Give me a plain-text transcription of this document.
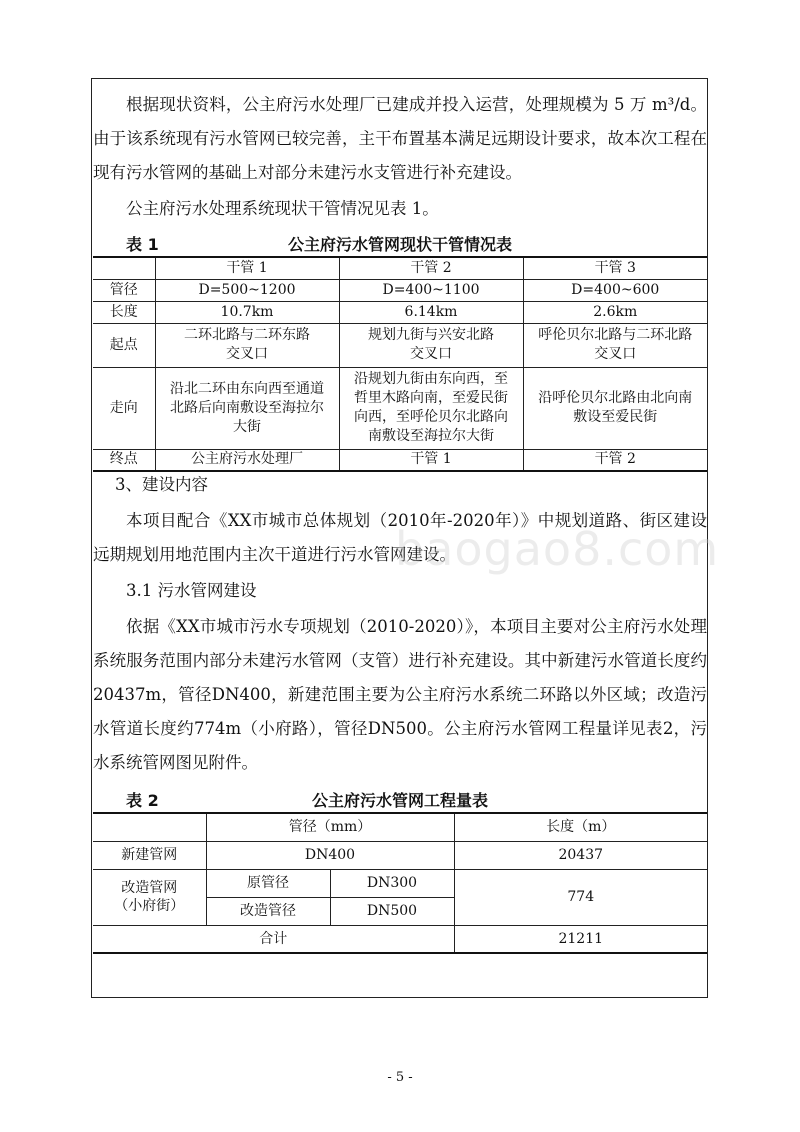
根据现状资料，公主府污水处理厂已建成并投入运营，处理规模为 5 万 m³/d。由于该系统现有污水管网已较完善，主干布置基本满足远期设计要求，故本次工程在现有污水管网的基础上对部分未建污水支管进行补充建设。

公主府污水处理系统现状干管情况见表 1。

表 1	公主府污水管网现状干管情况表
	干管 1	干管 2	干管 3
管径	D=500~1200	D=400~1100	D=400~600
长度	10.7km	6.14km	2.6km
起点	二环北路与二环东路交叉口	规划九街与兴安北路交叉口	呼伦贝尔北路与二环北路交叉口
走向	沿北二环由东向西至通道北路后向南敷设至海拉尔大街	沿规划九街由东向西，至哲里木路向南，至爱民街向西，至呼伦贝尔北路向南敷设至海拉尔大街	沿呼伦贝尔北路由北向南敷设至爱民街
终点	公主府污水处理厂	干管 1	干管 2

3、建设内容

本项目配合《XX市城市总体规划（2010年-2020年）》中规划道路、街区建设远期规划用地范围内主次干道进行污水管网建设。

3.1 污水管网建设

依据《XX市城市污水专项规划（2010-2020）》，本项目主要对公主府污水处理系统服务范围内部分未建污水管网（支管）进行补充建设。其中新建污水管道长度约20437m，管径DN400，新建范围主要为公主府污水系统二环路以外区域；改造污水管道长度约774m（小府路），管径DN500。公主府污水管网工程量详见表2，污水系统管网图见附件。

表 2	公主府污水管网工程量表
	管径（mm）		长度（m）
新建管网	DN400		20437

改造管网
（小府街）	原管径	DN300	774
	改造管径	DN500	
合计			21211
baogao8.com
- 5 -
